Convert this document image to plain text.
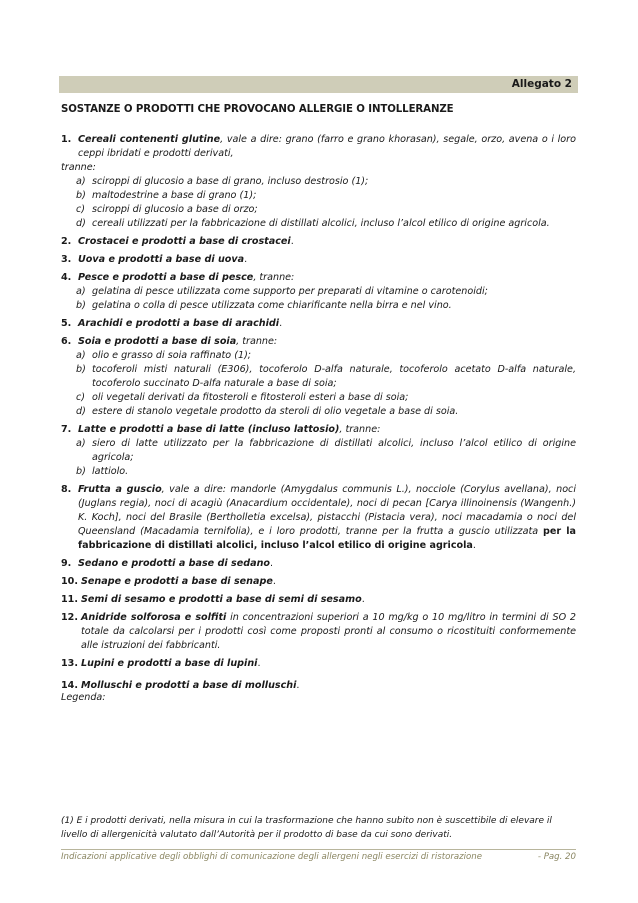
Allegato 2
SOSTANZE O PRODOTTI CHE PROVOCANO ALLERGIE O INTOLLERANZE
1. Cereali contenenti glutine, vale a dire: grano (farro e grano khorasan), segale, orzo, avena o i loro ceppi ibridati e prodotti derivati,
tranne:
a) sciroppi di glucosio a base di grano, incluso destrosio (1);
b) maltodestrine a base di grano (1);
c) sciroppi di glucosio a base di orzo;
d) cereali utilizzati per la fabbricazione di distillati alcolici, incluso l’alcol etilico di origine agricola.
2. Crostacei e prodotti a base di crostacei.
3. Uova e prodotti a base di uova.
4. Pesce e prodotti a base di pesce, tranne:
a) gelatina di pesce utilizzata come supporto per preparati di vitamine o carotenoidi;
b) gelatina o colla di pesce utilizzata come chiarificante nella birra e nel vino.
5. Arachidi e prodotti a base di arachidi.
6. Soia e prodotti a base di soia, tranne:
a) olio e grasso di soia raffinato (1);
b) tocoferoli misti naturali (E306), tocoferolo D-alfa naturale, tocoferolo acetato D-alfa naturale, tocoferolo succinato D-alfa naturale a base di soia;
c) oli vegetali derivati da fitosteroli e fitosteroli esteri a base di soia;
d) estere di stanolo vegetale prodotto da steroli di olio vegetale a base di soia.
7. Latte e prodotti a base di latte (incluso lattosio), tranne:
a) siero di latte utilizzato per la fabbricazione di distillati alcolici, incluso l’alcol etilico di origine agricola;
b) lattiolo.
8. Frutta a guscio, vale a dire: mandorle (Amygdalus communis L.), nocciole (Corylus avellana), noci (Juglans regia), noci di acagiù (Anacardium occidentale), noci di pecan [Carya illinoinensis (Wangenh.) K. Koch], noci del Brasile (Bertholletia excelsa), pistacchi (Pistacia vera), noci macadamia o noci del Queensland (Macadamia ternifolia), e i loro prodotti, tranne per la frutta a guscio utilizzata per la fabbricazione di distillati alcolici, incluso l’alcol etilico di origine agricola.
9. Sedano e prodotti a base di sedano.
10. Senape e prodotti a base di senape.
11. Semi di sesamo e prodotti a base di semi di sesamo.
12. Anidride solforosa e solfiti in concentrazioni superiori a 10 mg/kg o 10 mg/litro in termini di SO 2 totale da calcolarsi per i prodotti così come proposti pronti al consumo o ricostituiti conformemente alle istruzioni dei fabbricanti.
13. Lupini e prodotti a base di lupini.
14. Molluschi e prodotti a base di molluschi.
Legenda:
(1) E i prodotti derivati, nella misura in cui la trasformazione che hanno subito non è suscettibile di elevare il livello di allergenicità valutato dall’Autorità per il prodotto di base da cui sono derivati.
Indicazioni applicative degli obblighi di comunicazione degli allergeni negli esercizi di ristorazione	- Pag. 20
